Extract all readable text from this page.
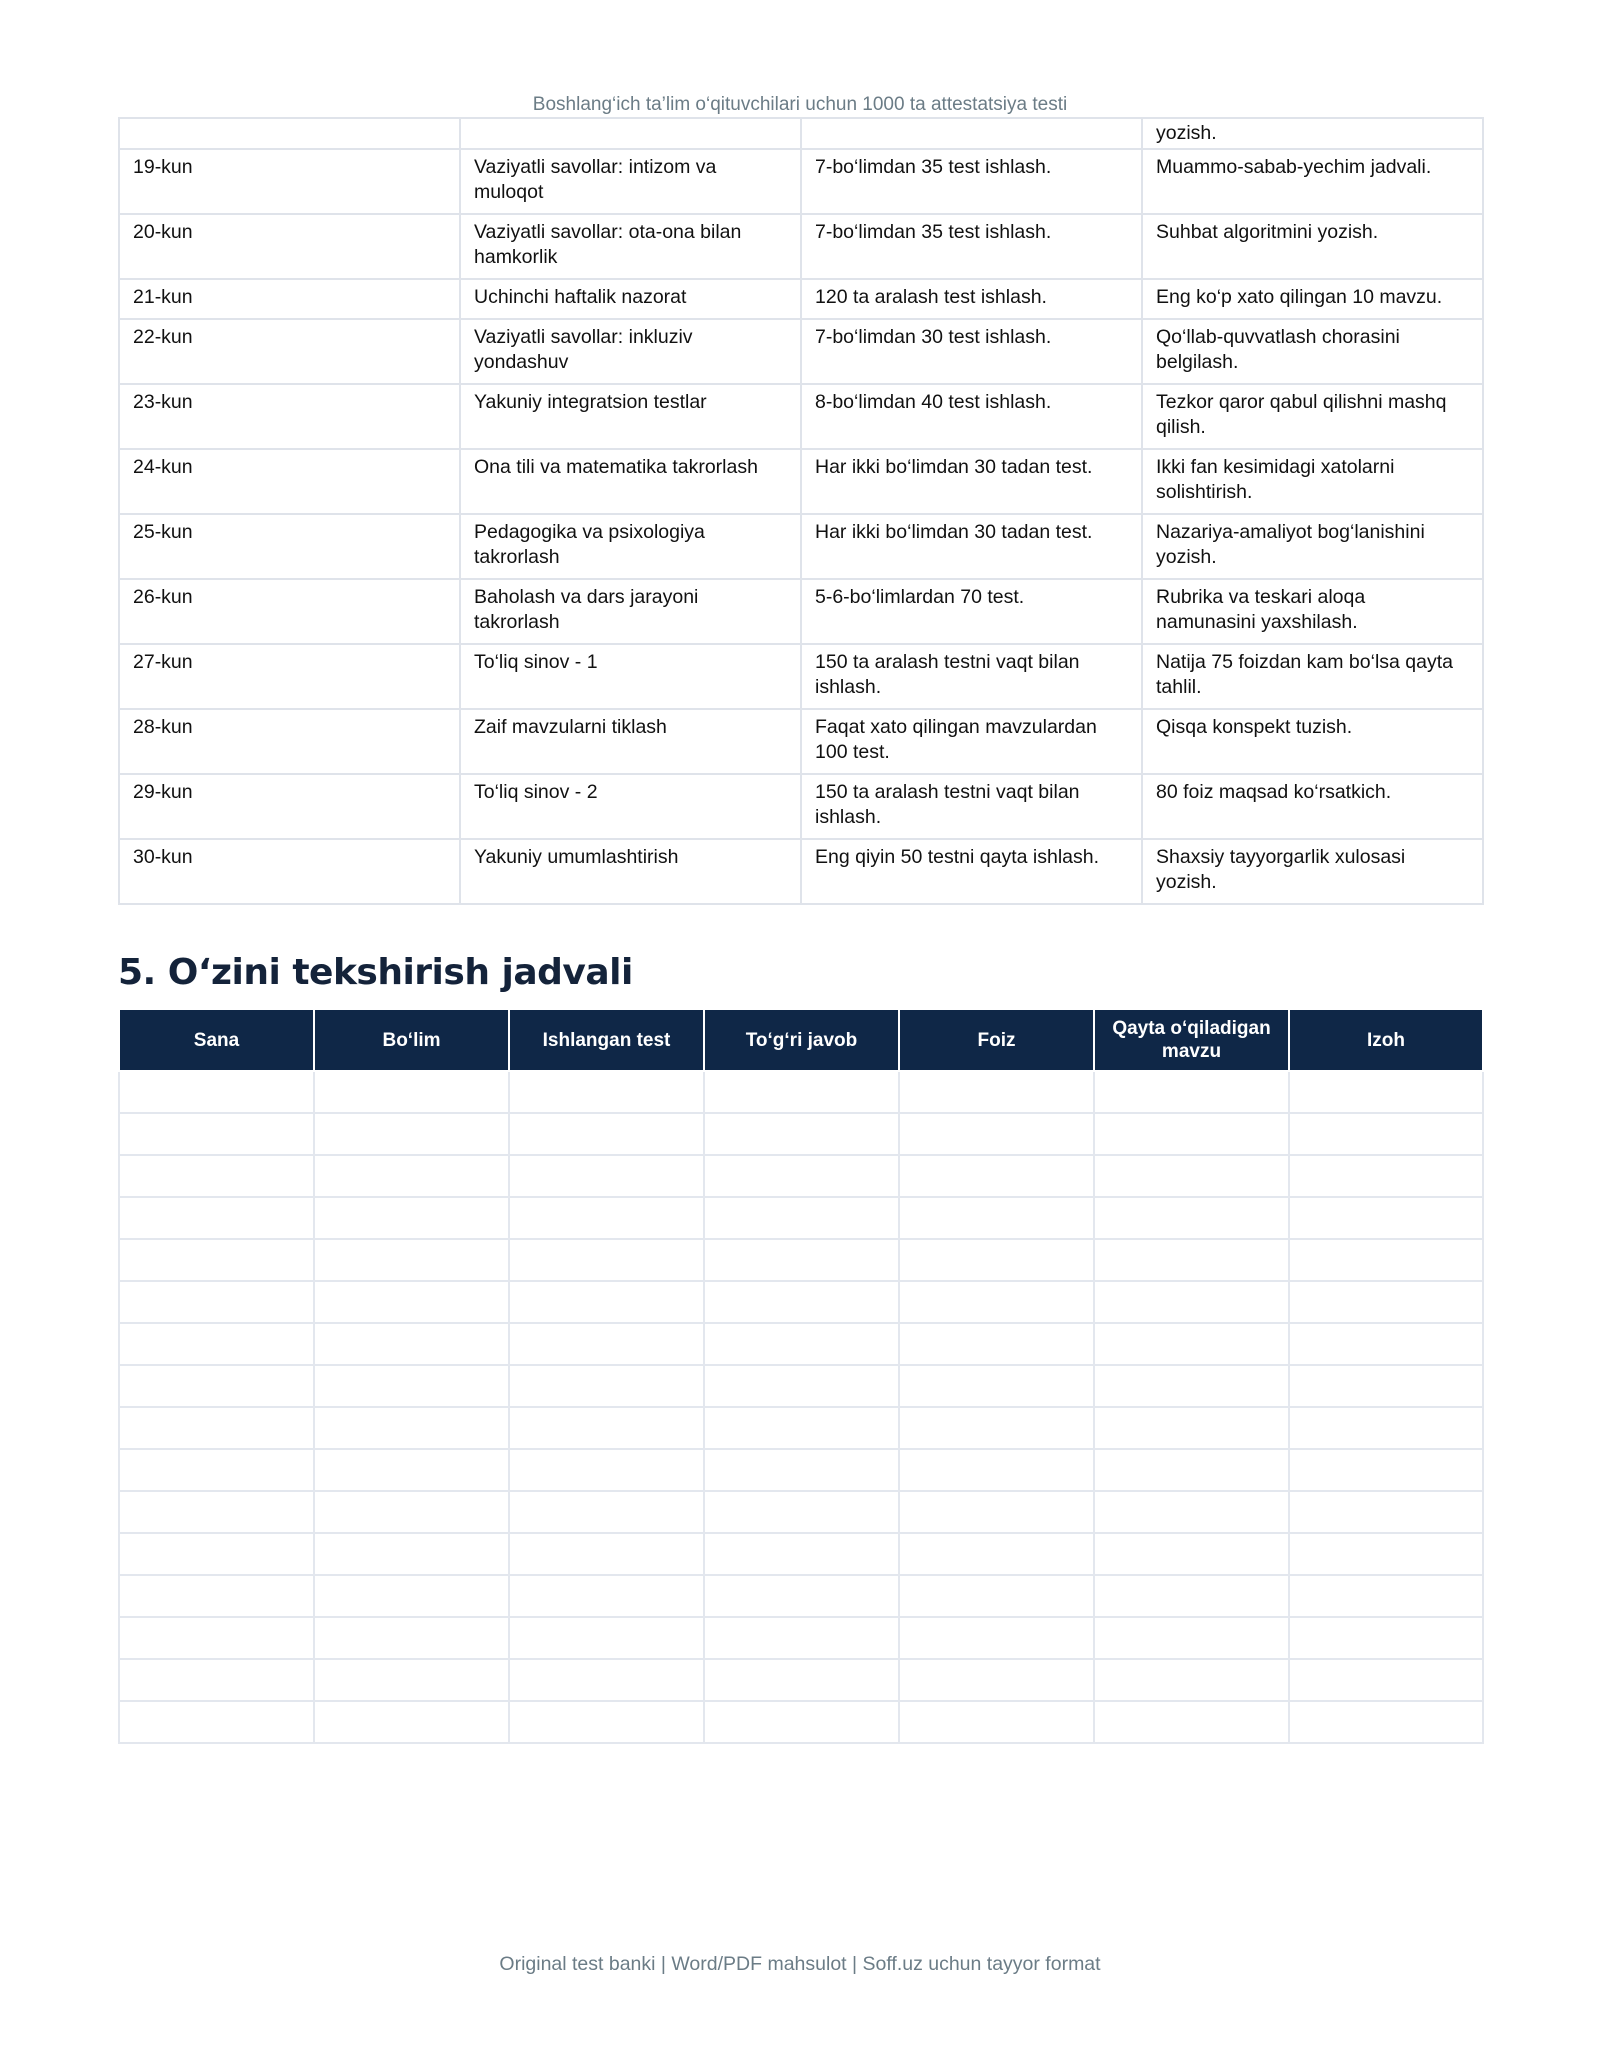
Boshlang‘ich ta’lim o‘qituvchilari uchun 1000 ta attestatsiya testi
			yozish.
19-kun	Vaziyatli savollar: intizom va muloqot	7-bo‘limdan 35 test ishlash.	Muammo-sabab-yechim jadvali.
20-kun	Vaziyatli savollar: ota-ona bilan hamkorlik	7-bo‘limdan 35 test ishlash.	Suhbat algoritmini yozish.
21-kun	Uchinchi haftalik nazorat	120 ta aralash test ishlash.	Eng ko‘p xato qilingan 10 mavzu.
22-kun	Vaziyatli savollar: inkluziv yondashuv	7-bo‘limdan 30 test ishlash.	Qo‘llab-quvvatlash chorasini belgilash.
23-kun	Yakuniy integratsion testlar	8-bo‘limdan 40 test ishlash.	Tezkor qaror qabul qilishni mashq qilish.
24-kun	Ona tili va matematika takrorlash	Har ikki bo‘limdan 30 tadan test.	Ikki fan kesimidagi xatolarni solishtirish.
25-kun	Pedagogika va psixologiya takrorlash	Har ikki bo‘limdan 30 tadan test.	Nazariya-amaliyot bog‘lanishini yozish.
26-kun	Baholash va dars jarayoni takrorlash	5-6-bo‘limlardan 70 test.	Rubrika va teskari aloqa namunasini yaxshilash.
27-kun	To‘liq sinov - 1	150 ta aralash testni vaqt bilan ishlash.	Natija 75 foizdan kam bo‘lsa qayta tahlil.
28-kun	Zaif mavzularni tiklash	Faqat xato qilingan mavzulardan 100 test.	Qisqa konspekt tuzish.
29-kun	To‘liq sinov - 2	150 ta aralash testni vaqt bilan ishlash.	80 foiz maqsad ko‘rsatkich.
30-kun	Yakuniy umumlashtirish	Eng qiyin 50 testni qayta ishlash.	Shaxsiy tayyorgarlik xulosasi yozish.
5. O‘zini tekshirish jadvali
Sana	Bo‘lim	Ishlangan test	To‘g‘ri javob	Foiz	Qayta o‘qiladigan mavzu	Izoh

Original test banki | Word/PDF mahsulot | Soff.uz uchun tayyor format
